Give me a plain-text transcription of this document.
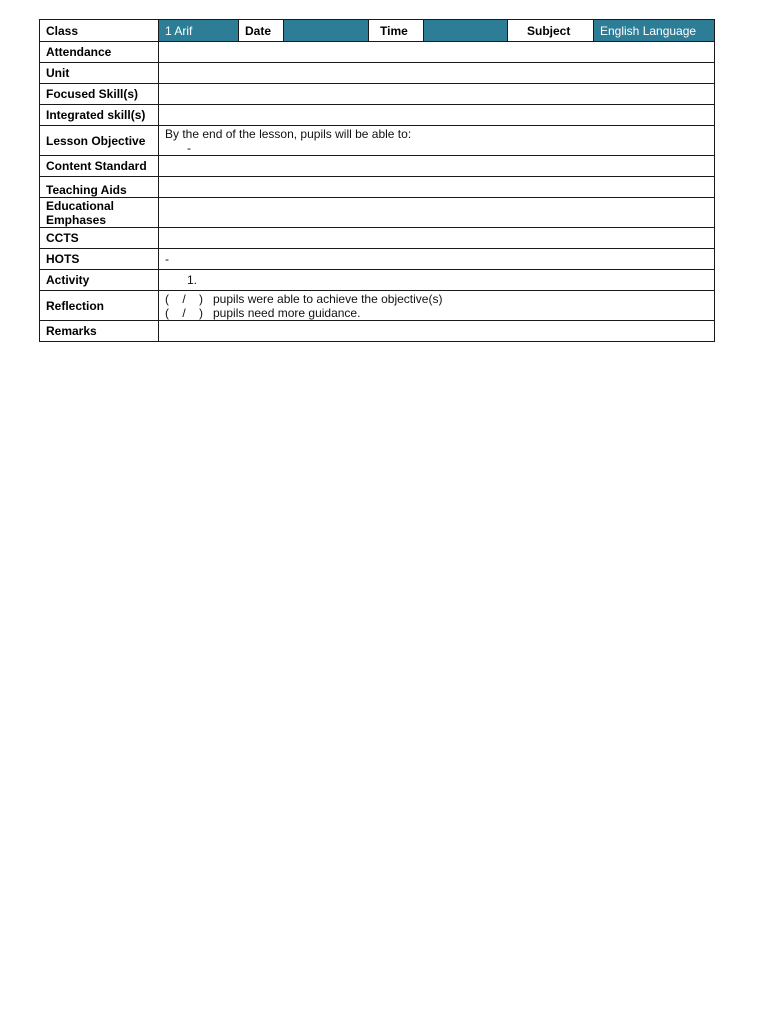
Class	1 Arif	Date		Time		Subject	English Language
Attendance							
Unit							
Focused Skill(s)							
Integrated skill(s)							
Lesson Objective	By the end of the lesson, pupils will be able to:
-						

Content Standard							
Teaching Aids							

Educational
Emphases							

CCTS							
HOTS	-						
Activity	1.						

Reflection	(    /    ) pupils were able to achieve the objective(s)
(    /    ) pupils need more guidance.						

Remarks							
